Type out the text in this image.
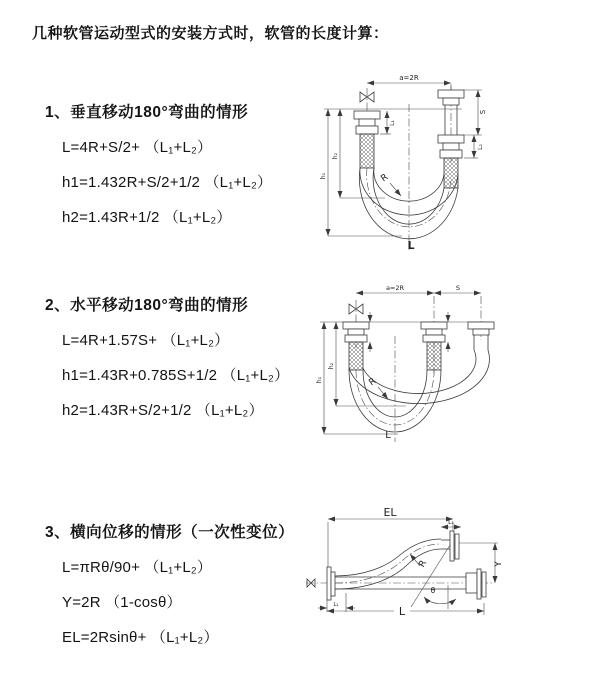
几种软管运动型式的安装方式时，软管的长度计算：
1、垂直移动180°弯曲的情形

L=4R+S/2+ （L₁+L₂）

h1=1.432R+S/2+1/2 （L₁+L₂）

h2=1.43R+1/2 （L₁+L₂）

a=2R
L₁
S
L₂
h₁
h₂
R
L
2、水平移动180°弯曲的情形

L=4R+1.57S+ （L₁+L₂）

h1=1.43R+0.785S+1/2 （L₁+L₂）

h2=1.43R+S/2+1/2 （L₁+L₂）

a=2R	S
h₁
h₂
R
L
3、横向位移的情形（一次性变位）

L=πRθ/90+ （L₁+L₂）

Y=2R （1-cosθ）

EL=2Rsinθ+ （L₁+L₂）

EL
L₁
θ
R	Y
L₁	L
